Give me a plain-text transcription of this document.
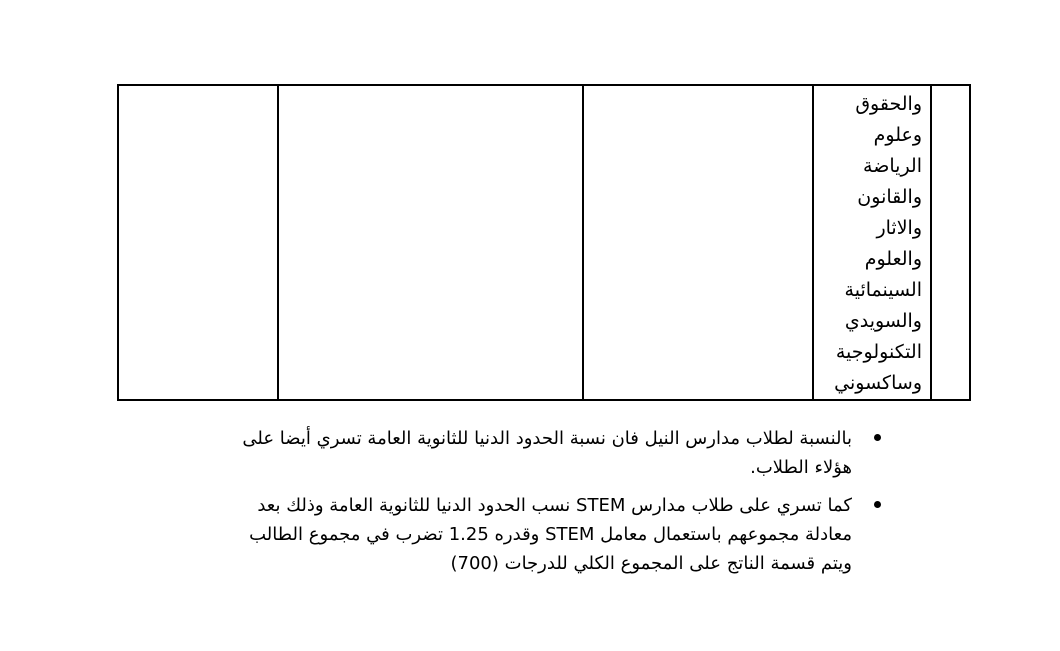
والحقوق
وعلوم
الرياضة
والقانون
والاثار
والعلوم
السينمائية
والسويدي
التكنولوجية
وساكسوني

بالنسبة لطلاب مدارس النيل فان نسبة الحدود الدنيا للثانوية العامة تسري أيضا على
هؤلاء الطلاب.
كما تسري على طلاب مدارس STEM نسب الحدود الدنيا للثانوية العامة وذلك بعد
معادلة مجموعهم باستعمال معامل STEM وقدره 1.25 تضرب في مجموع الطالب
ويتم قسمة الناتج على المجموع الكلي للدرجات (700)
